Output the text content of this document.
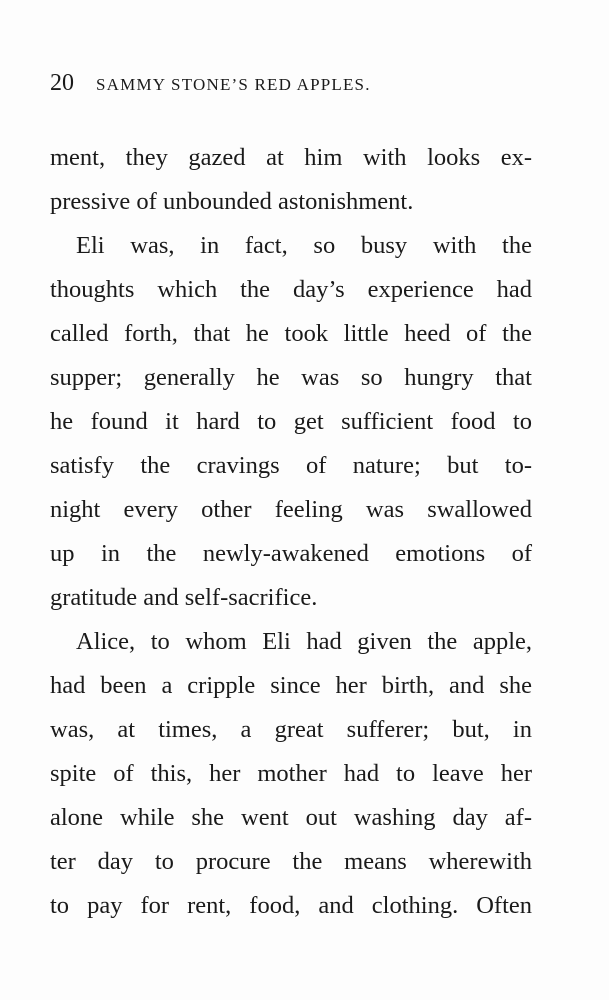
20 SAMMY STONE’S RED APPLES.
ment, they gazed at him with looks ex-
pressive of unbounded astonishment.
Eli was, in fact, so busy with the
thoughts which the day’s experience had
called forth, that he took little heed of the
supper; generally he was so hungry that
he found it hard to get sufficient food to
satisfy the cravings of nature; but to-
night every other feeling was swallowed
up in the newly-awakened emotions of
gratitude and self-sacrifice.
Alice, to whom Eli had given the apple,
had been a cripple since her birth, and she
was, at times, a great sufferer; but, in
spite of this, her mother had to leave her
alone while she went out washing day af-
ter day to procure the means wherewith
to pay for rent, food, and clothing. Often
